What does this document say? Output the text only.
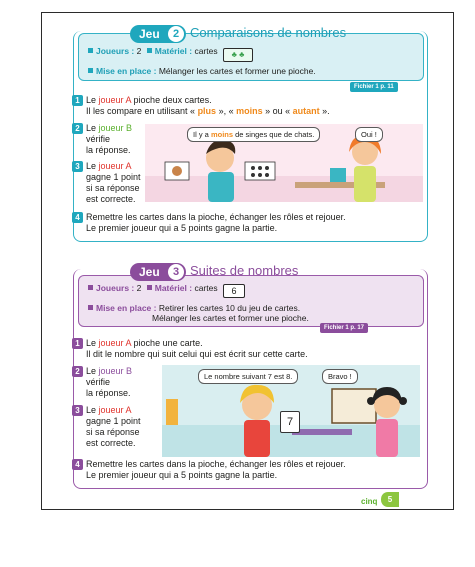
Jeu	2 Comparaisons de nombres
Joueurs : 2 Matériel : cartes ♣ ♣
Mise en place : Mélanger les cartes et former une pioche.
Fichier 1 p. 11
1 Le joueur A pioche deux cartes.
Il les compare en utilisant « plus », « moins » ou « autant ».
2 Le joueur B
vérifie
la réponse.
3 Le joueur A
gagne 1 point
si sa réponse
est correcte.
Il y a moins de singes que de chats.	Oui !
4 Remettre les cartes dans la pioche, échanger les rôles et rejouer.
Le premier joueur qui a 5 points gagne la partie.
Jeu	3 Suites de nombres
Joueurs : 2 Matériel : cartes 6
Mise en place : Retirer les cartes 10 du jeu de cartes.
Mélanger les cartes et former une pioche.
Fichier 1 p. 17
1 Le joueur A pioche une carte.
Il dit le nombre qui suit celui qui est écrit sur cette carte.
2 Le joueur B
vérifie
la réponse.
3 Le joueur A
gagne 1 point
si sa réponse
est correcte.
Le nombre suivant 7 est 8.	Bravo !
7
4 Remettre les cartes dans la pioche, échanger les rôles et rejouer.
Le premier joueur qui a 5 points gagne la partie.
cinq	5
